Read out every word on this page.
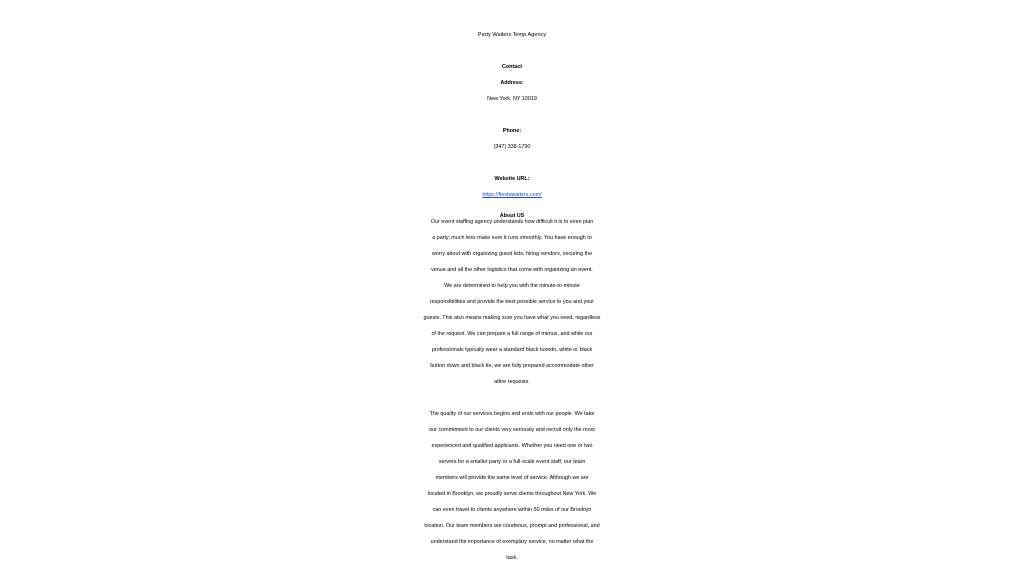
Party Waiters Temp Agency
Contact
Address:
New York, NY 10019
Phone:
(347) 338-1790
Website URL:
https://fiestawaiters.com/
About US
Our event staffing agency understands how difficult it is to even plan
a party, much less make sure it runs smoothly. You have enough to
worry about with organizing guest lists, hiring vendors, securing the
venue and all the other logistics that come with organizing an event.
We are determined to help you with the minute-to-minute
responsibilities and provide the best possible service to you and your
guests. This also means making sure you have what you need, regardless
of the request. We can prepare a full range of menus, and while our
professionals typically wear a standard black tuxedo, white or black
button down and black tie, we are fully prepared accommodate other
attire requests.
The quality of our services begins and ends with our people. We take
our commitment to our clients very seriously and recruit only the most
experienced and qualified applicants. Whether you need one or two
servers for a smaller party or a full-scale event staff, our team
members will provide the same level of service. Although we are
located in Brooklyn, we proudly serve clients throughout New York. We
can even travel to clients anywhere within 50 miles of our Brooklyn
location. Our team members are courteous, prompt and professional, and
understand the importance of exemplary service, no matter what the
task.
